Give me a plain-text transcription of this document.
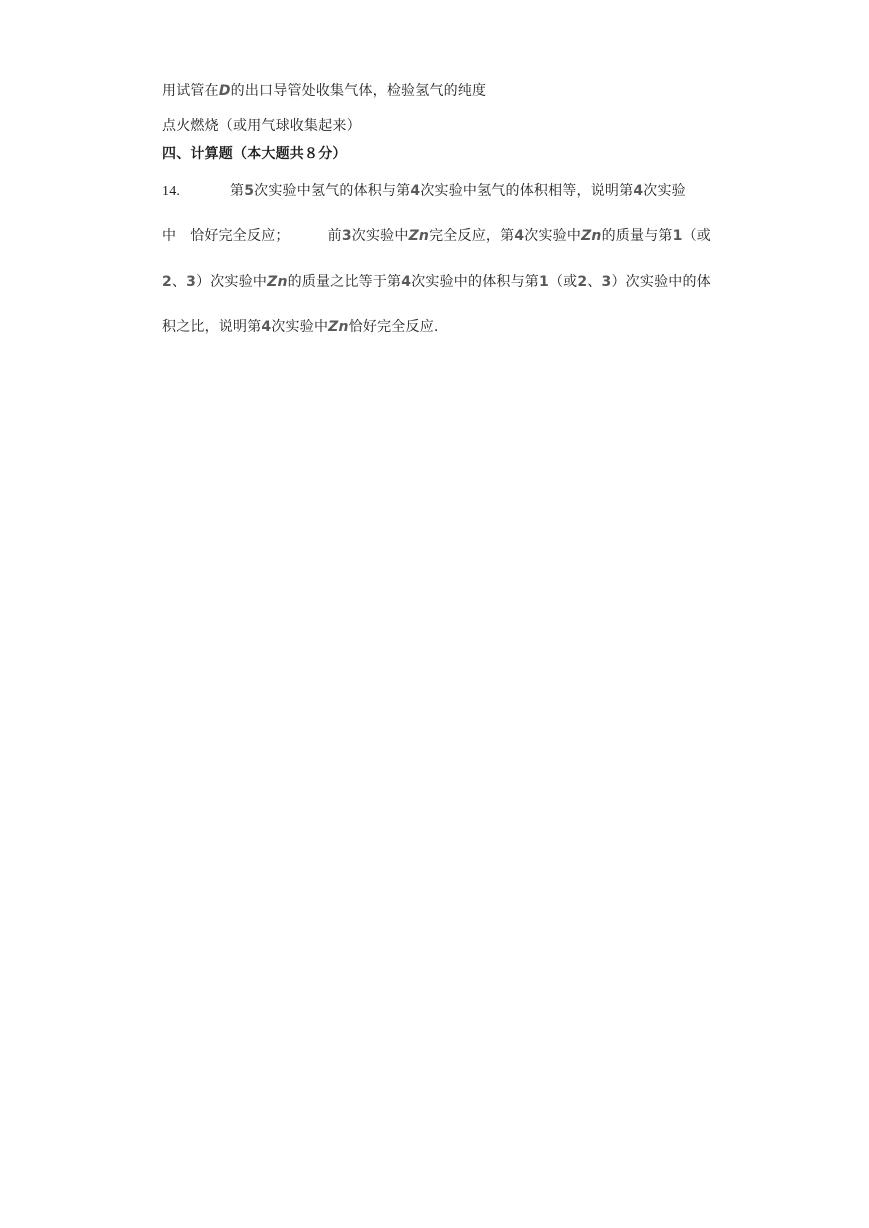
用试管在D的出口导管处收集气体，检验氢气的纯度
点火燃烧（或用气球收集起来）
四、计算题（本大题共８分）
14.	第5次实验中氢气的体积与第4次实验中氢气的体积相等，说明第4次实验
中 恰好完全反应；	前3次实验中Zn完全反应，第4次实验中Zn的质量与第1（或
2、3）次实验中Zn的质量之比等于第4次实验中的体积与第1（或2、3）次实验中的体
积之比，说明第4次实验中Zn恰好完全反应.
